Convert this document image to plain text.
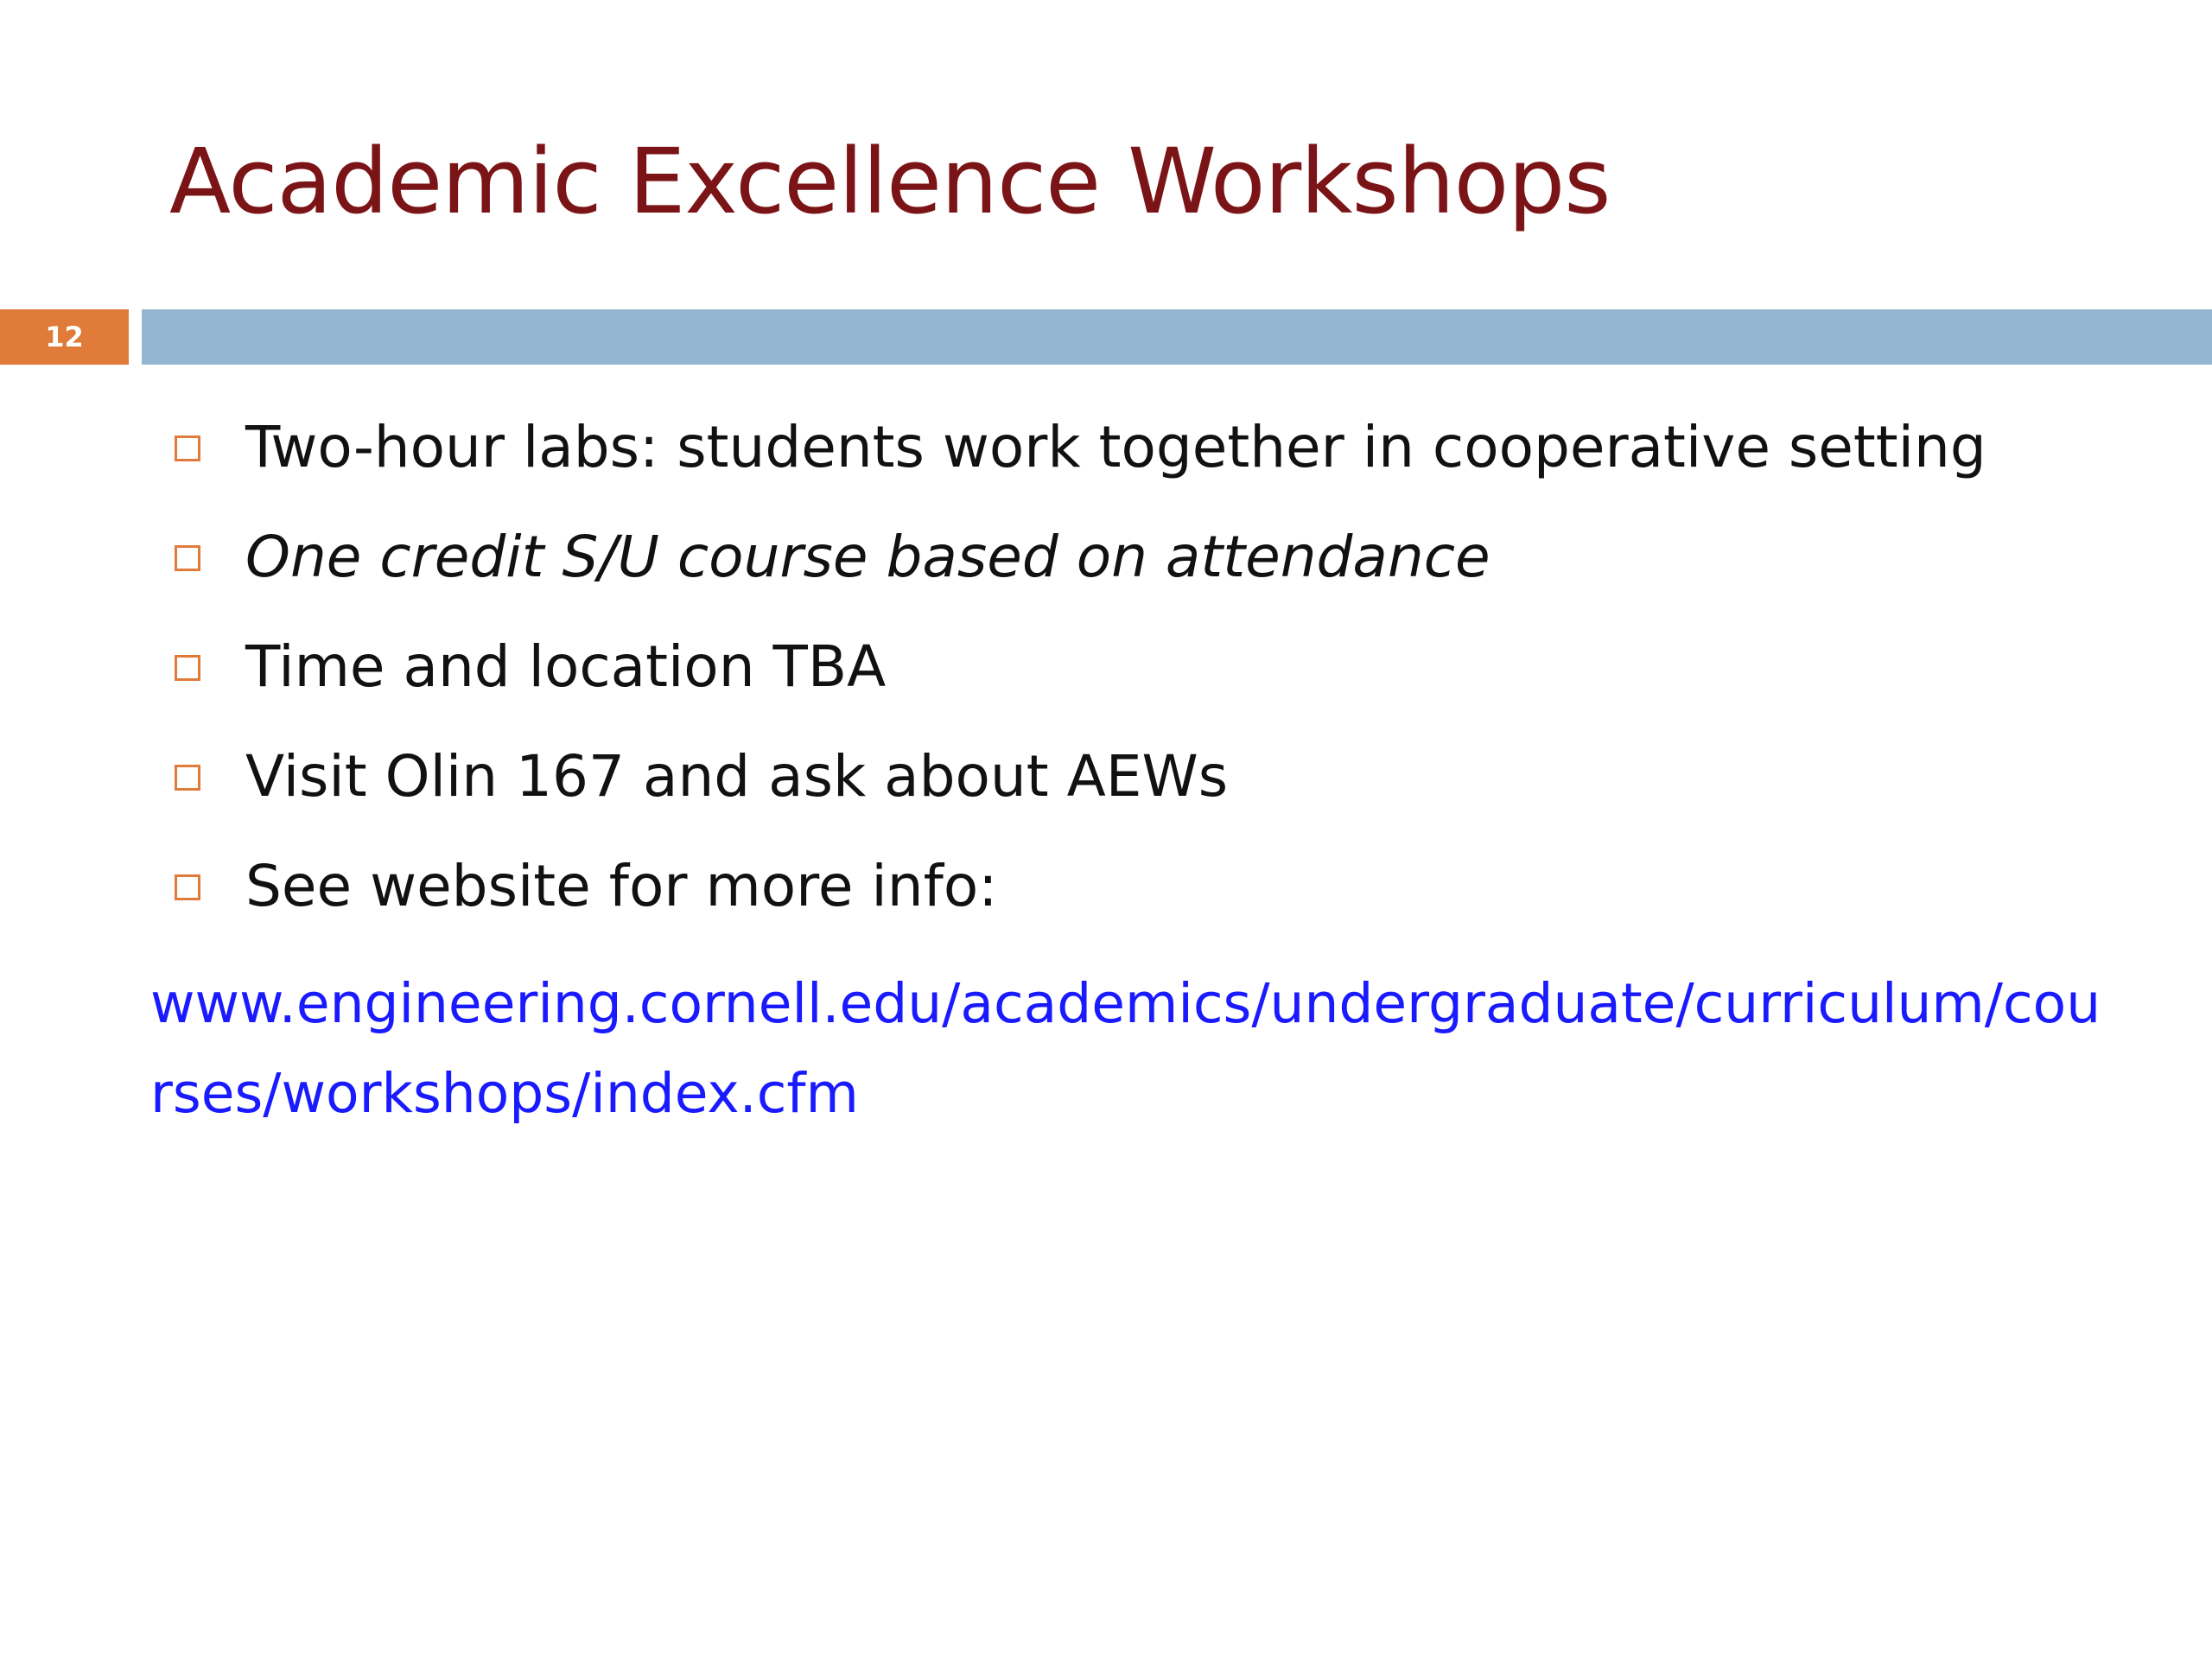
Academic Excellence Workshops
12
Two-hour labs: students work together in cooperative setting
One credit S/U course based on attendance
Time and location TBA
Visit Olin 167 and ask about AEWs
See website for more info:
www.engineering.cornell.edu/academics/undergraduate/curriculum/courses/workshops/index.cfm
